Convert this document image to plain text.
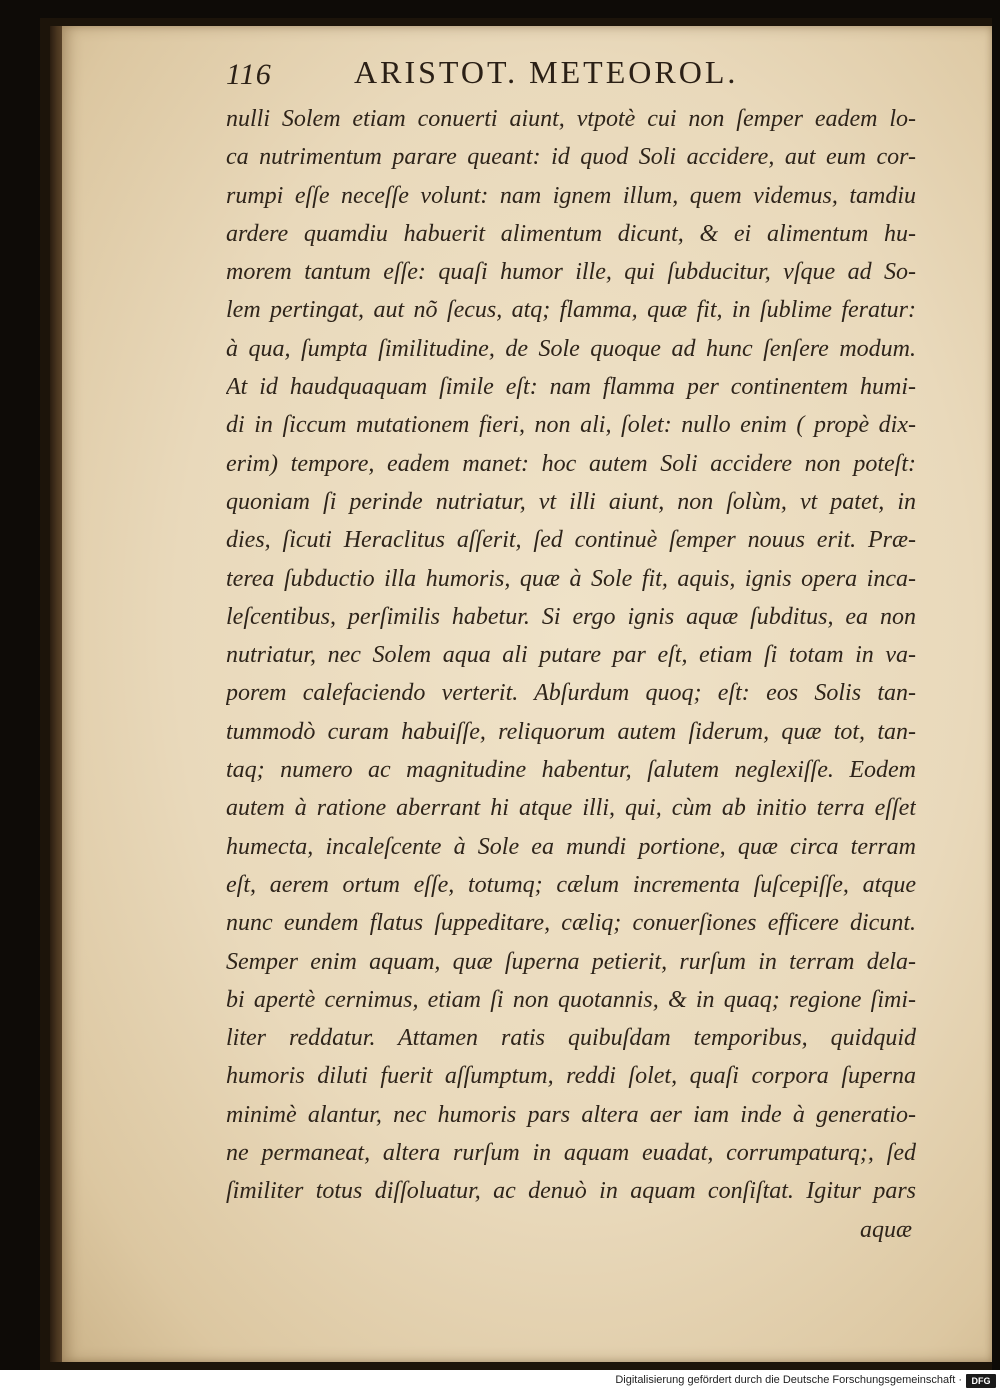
116	ARISTOT. METEOROL.
nulli Solem etiam conuerti aiunt, vtpotè cui non ſemper eadem lo-
ca nutrimentum parare queant: id quod Soli accidere, aut eum cor-
rumpi eſſe neceſſe volunt: nam ignem illum, quem videmus, tamdiu
ardere quamdiu habuerit alimentum dicunt, & ei alimentum hu-
morem tantum eſſe: quaſi humor ille, qui ſubducitur, vſque ad So-
lem pertingat, aut nõ ſecus, atq; flamma, quæ fit, in ſublime feratur:
à qua, ſumpta ſimilitudine, de Sole quoque ad hunc ſenſere modum.
At id haudquaquam ſimile eſt: nam flamma per continentem humi-
di in ſiccum mutationem fieri, non ali, ſolet: nullo enim ( propè dix-
erim) tempore, eadem manet: hoc autem Soli accidere non poteſt:
quoniam ſi perinde nutriatur, vt illi aiunt, non ſolùm, vt patet, in
dies, ſicuti Heraclitus aſſerit, ſed continuè ſemper nouus erit. Præ-
terea ſubductio illa humoris, quæ à Sole fit, aquis, ignis opera inca-
leſcentibus, perſimilis habetur. Si ergo ignis aquæ ſubditus, ea non
nutriatur, nec Solem aqua ali putare par eſt, etiam ſi totam in va-
porem calefaciendo verterit. Abſurdum quoq; eſt: eos Solis tan-
tummodò curam habuiſſe, reliquorum autem ſiderum, quæ tot, tan-
taq; numero ac magnitudine habentur, ſalutem neglexiſſe. Eodem
autem à ratione aberrant hi atque illi, qui, cùm ab initio terra eſſet
humecta, incaleſcente à Sole ea mundi portione, quæ circa terram
eſt, aerem ortum eſſe, totumq; cælum incrementa ſuſcepiſſe, atque
nunc eundem flatus ſuppeditare, cæliq; conuerſiones efficere dicunt.
Semper enim aquam, quæ ſuperna petierit, rurſum in terram dela-
bi apertè cernimus, etiam ſi non quotannis, & in quaq; regione ſimi-
liter reddatur. Attamen ratis quibuſdam temporibus, quidquid
humoris diluti fuerit aſſumptum, reddi ſolet, quaſi corpora ſuperna
minimè alantur, nec humoris pars altera aer iam inde à generatio-
ne permaneat, altera rurſum in aquam euadat, corrumpaturq;, ſed
ſimiliter totus diſſoluatur, ac denuò in aquam conſiſtat. Igitur pars
aquæ
Digitalisierung gefördert durch die Deutsche Forschungsgemeinschaft ·	DFG
